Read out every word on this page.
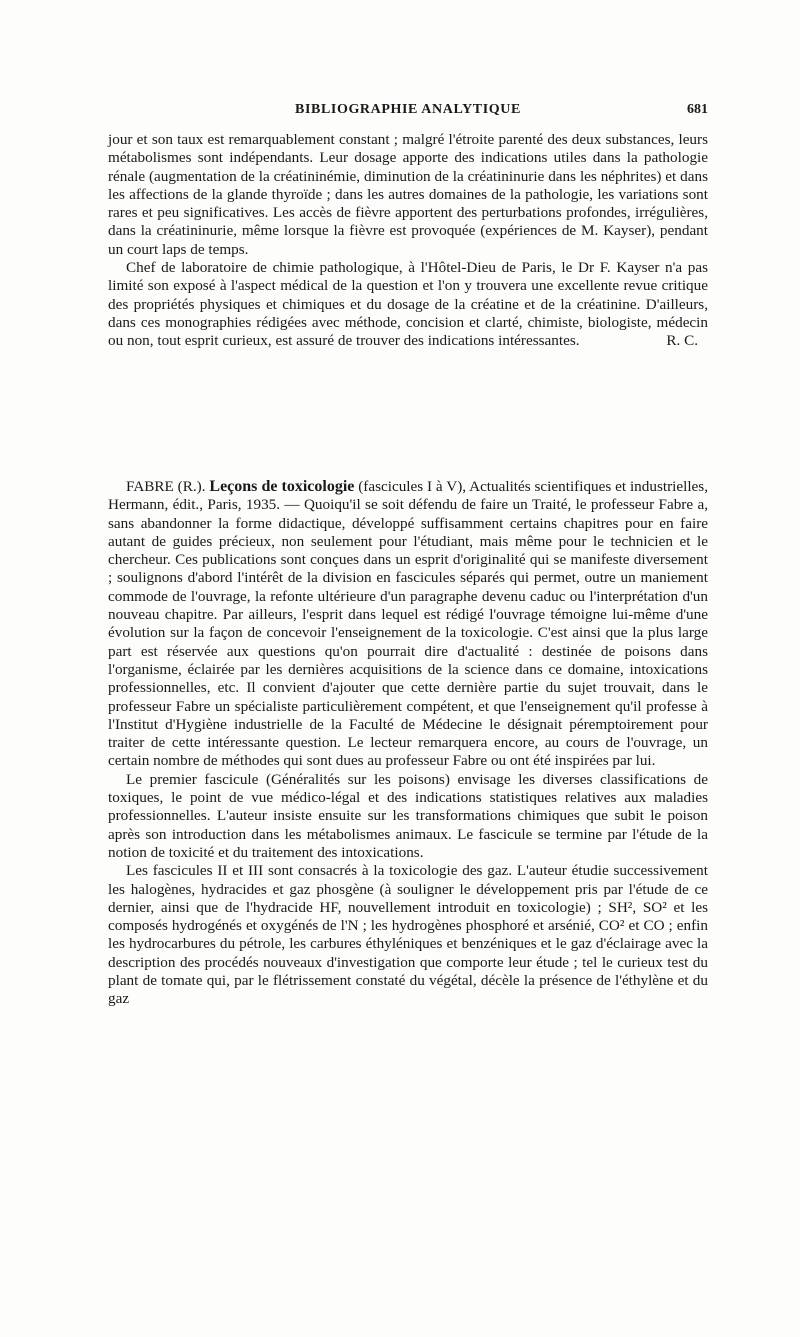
BIBLIOGRAPHIE ANALYTIQUE	681

jour et son taux est remarquablement constant ; malgré l'étroite parenté des deux substances, leurs métabolismes sont indépendants. Leur dosage apporte des indications utiles dans la pathologie rénale (augmentation de la créatininémie, diminution de la créatininurie dans les néphrites) et dans les affections de la glande thyroïde ; dans les autres domaines de la pathologie, les variations sont rares et peu significatives. Les accès de fièvre apportent des perturbations profondes, irrégulières, dans la créatininurie, même lorsque la fièvre est provoquée (expériences de M. Kayser), pendant un court laps de temps.

Chef de laboratoire de chimie pathologique, à l'Hôtel-Dieu de Paris, le Dr F. Kayser n'a pas limité son exposé à l'aspect médical de la question et l'on y trouvera une excellente revue critique des propriétés physiques et chimiques et du dosage de la créatine et de la créatinine. D'ailleurs, dans ces monographies rédigées avec méthode, concision et clarté, chimiste, biologiste, médecin ou non, tout esprit curieux, est assuré de trouver des indications intéressantes.	R. C.

FABRE (R.). Leçons de toxicologie (fascicules I à V), Actualités scientifiques et industrielles, Hermann, édit., Paris, 1935. — Quoiqu'il se soit défendu de faire un Traité, le professeur Fabre a, sans abandonner la forme didactique, développé suffisamment certains chapitres pour en faire autant de guides précieux, non seulement pour l'étudiant, mais même pour le technicien et le chercheur. Ces publications sont conçues dans un esprit d'originalité qui se manifeste diversement ; soulignons d'abord l'intérêt de la division en fascicules séparés qui permet, outre un maniement commode de l'ouvrage, la refonte ultérieure d'un paragraphe devenu caduc ou l'interprétation d'un nouveau chapitre. Par ailleurs, l'esprit dans lequel est rédigé l'ouvrage témoigne lui-même d'une évolution sur la façon de concevoir l'enseignement de la toxicologie. C'est ainsi que la plus large part est réservée aux questions qu'on pourrait dire d'actualité : destinée de poisons dans l'organisme, éclairée par les dernières acquisitions de la science dans ce domaine, intoxications professionnelles, etc. Il convient d'ajouter que cette dernière partie du sujet trouvait, dans le professeur Fabre un spécialiste particulièrement compétent, et que l'enseignement qu'il professe à l'Institut d'Hygiène industrielle de la Faculté de Médecine le désignait péremptoirement pour traiter de cette intéressante question. Le lecteur remarquera encore, au cours de l'ouvrage, un certain nombre de méthodes qui sont dues au professeur Fabre ou ont été inspirées par lui.

Le premier fascicule (Généralités sur les poisons) envisage les diverses classifications de toxiques, le point de vue médico-légal et des indications statistiques relatives aux maladies professionnelles. L'auteur insiste ensuite sur les transformations chimiques que subit le poison après son introduction dans les métabolismes animaux. Le fascicule se termine par l'étude de la notion de toxicité et du traitement des intoxications.

Les fascicules II et III sont consacrés à la toxicologie des gaz. L'auteur étudie successivement les halogènes, hydracides et gaz phosgène (à souligner le développement pris par l'étude de ce dernier, ainsi que de l'hydracide HF, nouvellement introduit en toxicologie) ; SH², SO² et les composés hydrogénés et oxygénés de l'N ; les hydrogènes phosphoré et arsénié, CO² et CO ; enfin les hydrocarbures du pétrole, les carbures éthyléniques et benzéniques et le gaz d'éclairage avec la description des procédés nouveaux d'investigation que comporte leur étude ; tel le curieux test du plant de tomate qui, par le flétrissement constaté du végétal, décèle la présence de l'éthylène et du gaz
